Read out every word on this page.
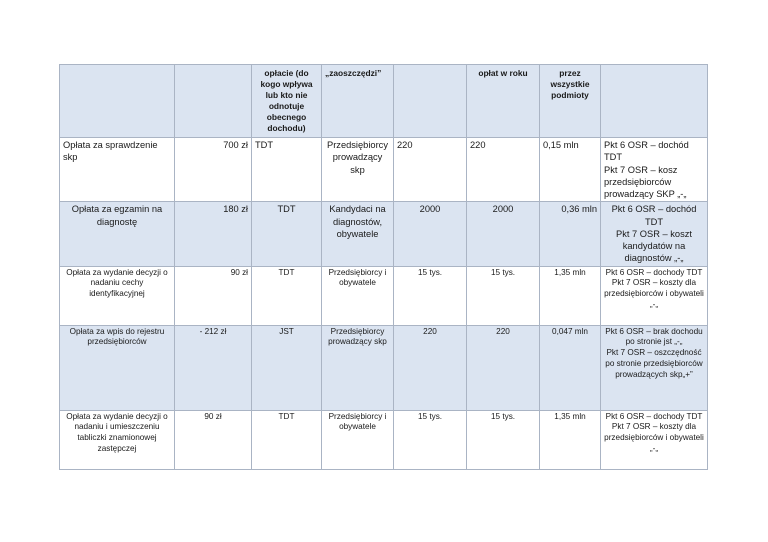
		opłacie (do kogo wpływa lub kto nie odnotuje obecnego dochodu)	„zaoszczędzi”		opłat w roku	przez wszystkie podmioty	
Opłata za sprawdzenie skp	700 zł	TDT	Przedsiębiorcy prowadzący skp	220	220	0,15 mln	Pkt 6 OSR – dochód TDT
Pkt 7 OSR – kosz przedsiębiorców prowadzący SKP „-„
Opłata za egzamin na diagnostę	180 zł	TDT	Kandydaci na diagnostów, obywatele	2000	2000	0,36 mln	Pkt 6 OSR – dochód TDT
Pkt 7 OSR – koszt kandydatów na diagnostów „-„
Opłata za wydanie decyzji o nadaniu cechy identyfikacyjnej	90 zł	TDT	Przedsiębiorcy i obywatele	15 tys.	15 tys.	1,35 mln	Pkt 6 OSR – dochody TDT
Pkt 7 OSR – koszty dla przedsiębiorców i obywateli „-„
Opłata za wpis do rejestru przedsiębiorców	- 212 zł	JST	Przedsiębiorcy prowadzący skp	220	220	0,047 mln	Pkt 6 OSR – brak dochodu po stronie jst „-„
Pkt 7 OSR – oszczędność po stronie przedsiębiorców prowadzących skp„+”
Opłata za wydanie decyzji o nadaniu i umieszczeniu tabliczki znamionowej zastępczej	90 zł	TDT	Przedsiębiorcy i obywatele	15 tys.	15 tys.	1,35 mln	Pkt 6 OSR – dochody TDT
Pkt 7 OSR – koszty dla przedsiębiorców i obywateli „-„
